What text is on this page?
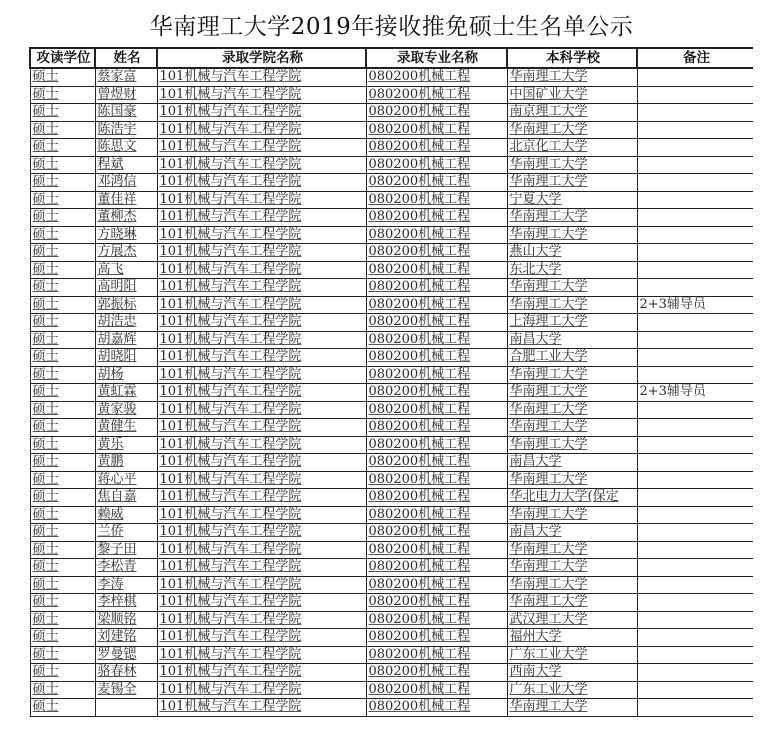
华南理工大学2019年接收推免硕士生名单公示
攻读学位	姓名	录取学院名称	录取专业名称	本科学校	备注
硕士	蔡家富	101机械与汽车工程学院	080200机械工程	华南理工大学	
硕士	曾煜财	101机械与汽车工程学院	080200机械工程	中国矿业大学	
硕士	陈国豪	101机械与汽车工程学院	080200机械工程	南京理工大学	
硕士	陈浩宇	101机械与汽车工程学院	080200机械工程	华南理工大学	
硕士	陈思文	101机械与汽车工程学院	080200机械工程	北京化工大学	
硕士	程斌	101机械与汽车工程学院	080200机械工程	华南理工大学	
硕士	邓鸿信	101机械与汽车工程学院	080200机械工程	华南理工大学	
硕士	董佳祥	101机械与汽车工程学院	080200机械工程	宁夏大学	
硕士	董柳杰	101机械与汽车工程学院	080200机械工程	华南理工大学	
硕士	方晓琳	101机械与汽车工程学院	080200机械工程	华南理工大学	
硕士	方展杰	101机械与汽车工程学院	080200机械工程	燕山大学	
硕士	高飞	101机械与汽车工程学院	080200机械工程	东北大学	
硕士	高明阳	101机械与汽车工程学院	080200机械工程	华南理工大学	
硕士	郭振标	101机械与汽车工程学院	080200机械工程	华南理工大学	2+3辅导员
硕士	胡浩忠	101机械与汽车工程学院	080200机械工程	上海理工大学	
硕士	胡嘉辉	101机械与汽车工程学院	080200机械工程	南昌大学	
硕士	胡晓阳	101机械与汽车工程学院	080200机械工程	合肥工业大学	
硕士	胡杨	101机械与汽车工程学院	080200机械工程	华南理工大学	
硕士	黄虹霖	101机械与汽车工程学院	080200机械工程	华南理工大学	2+3辅导员
硕士	黄家骏	101机械与汽车工程学院	080200机械工程	华南理工大学	
硕士	黄健生	101机械与汽车工程学院	080200机械工程	华南理工大学	
硕士	黄乐	101机械与汽车工程学院	080200机械工程	华南理工大学	
硕士	黄鹏	101机械与汽车工程学院	080200机械工程	南昌大学	
硕士	蒋心平	101机械与汽车工程学院	080200机械工程	华南理工大学	
硕士	焦自嘉	101机械与汽车工程学院	080200机械工程	华北电力大学(保定	
硕士	赖威	101机械与汽车工程学院	080200机械工程	华南理工大学	
硕士	兰侨	101机械与汽车工程学院	080200机械工程	南昌大学	
硕士	黎子田	101机械与汽车工程学院	080200机械工程	华南理工大学	
硕士	李松青	101机械与汽车工程学院	080200机械工程	华南理工大学	
硕士	李涛	101机械与汽车工程学院	080200机械工程	华南理工大学	
硕士	李梓棋	101机械与汽车工程学院	080200机械工程	华南理工大学	
硕士	梁顺铭	101机械与汽车工程学院	080200机械工程	武汉理工大学	
硕士	刘建铭	101机械与汽车工程学院	080200机械工程	福州大学	
硕士	罗曼锶	101机械与汽车工程学院	080200机械工程	广东工业大学	
硕士	骆春林	101机械与汽车工程学院	080200机械工程	西南大学	
硕士	麦锡全	101机械与汽车工程学院	080200机械工程	广东工业大学	
硕士		101机械与汽车工程学院	080200机械工程	华南理工大学	
